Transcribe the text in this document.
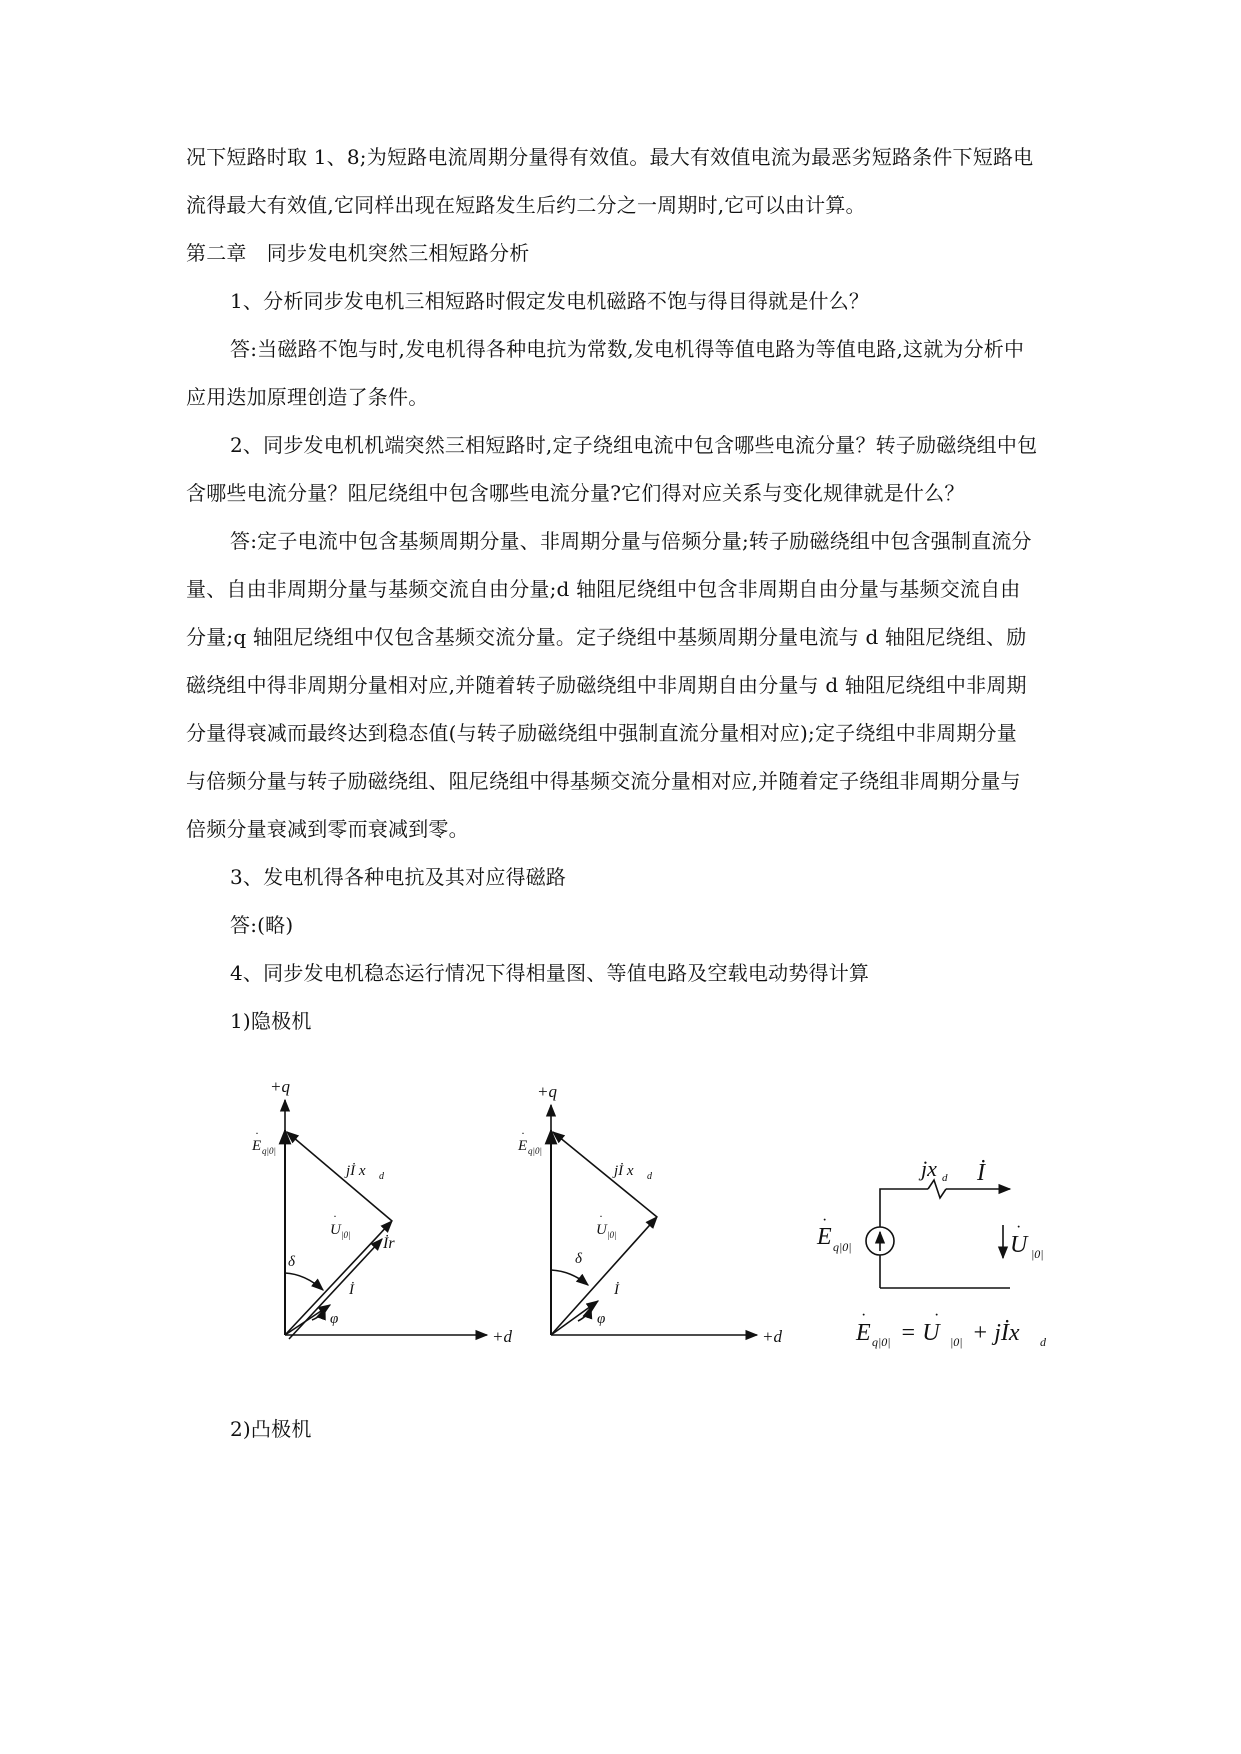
况下短路时取 1、8;为短路电流周期分量得有效值。最大有效值电流为最恶劣短路条件下短路电
流得最大有效值,它同样出现在短路发生后约二分之一周期时,它可以由计算。
第二章　同步发电机突然三相短路分析
1、分析同步发电机三相短路时假定发电机磁路不饱与得目得就是什么？
答:当磁路不饱与时,发电机得各种电抗为常数,发电机得等值电路为等值电路,这就为分析中
应用迭加原理创造了条件。
2、同步发电机机端突然三相短路时,定子绕组电流中包含哪些电流分量？转子励磁绕组中包
含哪些电流分量？阻尼绕组中包含哪些电流分量?它们得对应关系与变化规律就是什么？
答:定子电流中包含基频周期分量、非周期分量与倍频分量;转子励磁绕组中包含强制直流分
量、自由非周期分量与基频交流自由分量;d 轴阻尼绕组中包含非周期自由分量与基频交流自由
分量;q 轴阻尼绕组中仅包含基频交流分量。定子绕组中基频周期分量电流与 d 轴阻尼绕组、励
磁绕组中得非周期分量相对应,并随着转子励磁绕组中非周期自由分量与 d 轴阻尼绕组中非周期
分量得衰减而最终达到稳态值(与转子励磁绕组中强制直流分量相对应);定子绕组中非周期分量
与倍频分量与转子励磁绕组、阻尼绕组中得基频交流分量相对应,并随着定子绕组非周期分量与
倍频分量衰减到零而衰减到零。
3、发电机得各种电抗及其对应得磁路
答:(略)
4、同步发电机稳态运行情况下得相量图、等值电路及空载电动势得计算
1)隐极机
+q
+d
E
·
q|0|
jİ x d
U
·
|0| İr
δ
İ
φ
+q
+d
E
·
q|0|
jİ x d
U
·
|0|
δ
İ
φ
jx d İ
E
·
q|0|	U
·
|0|
E
·
q|0| = U
·
|0| + jİx d
2)凸极机
